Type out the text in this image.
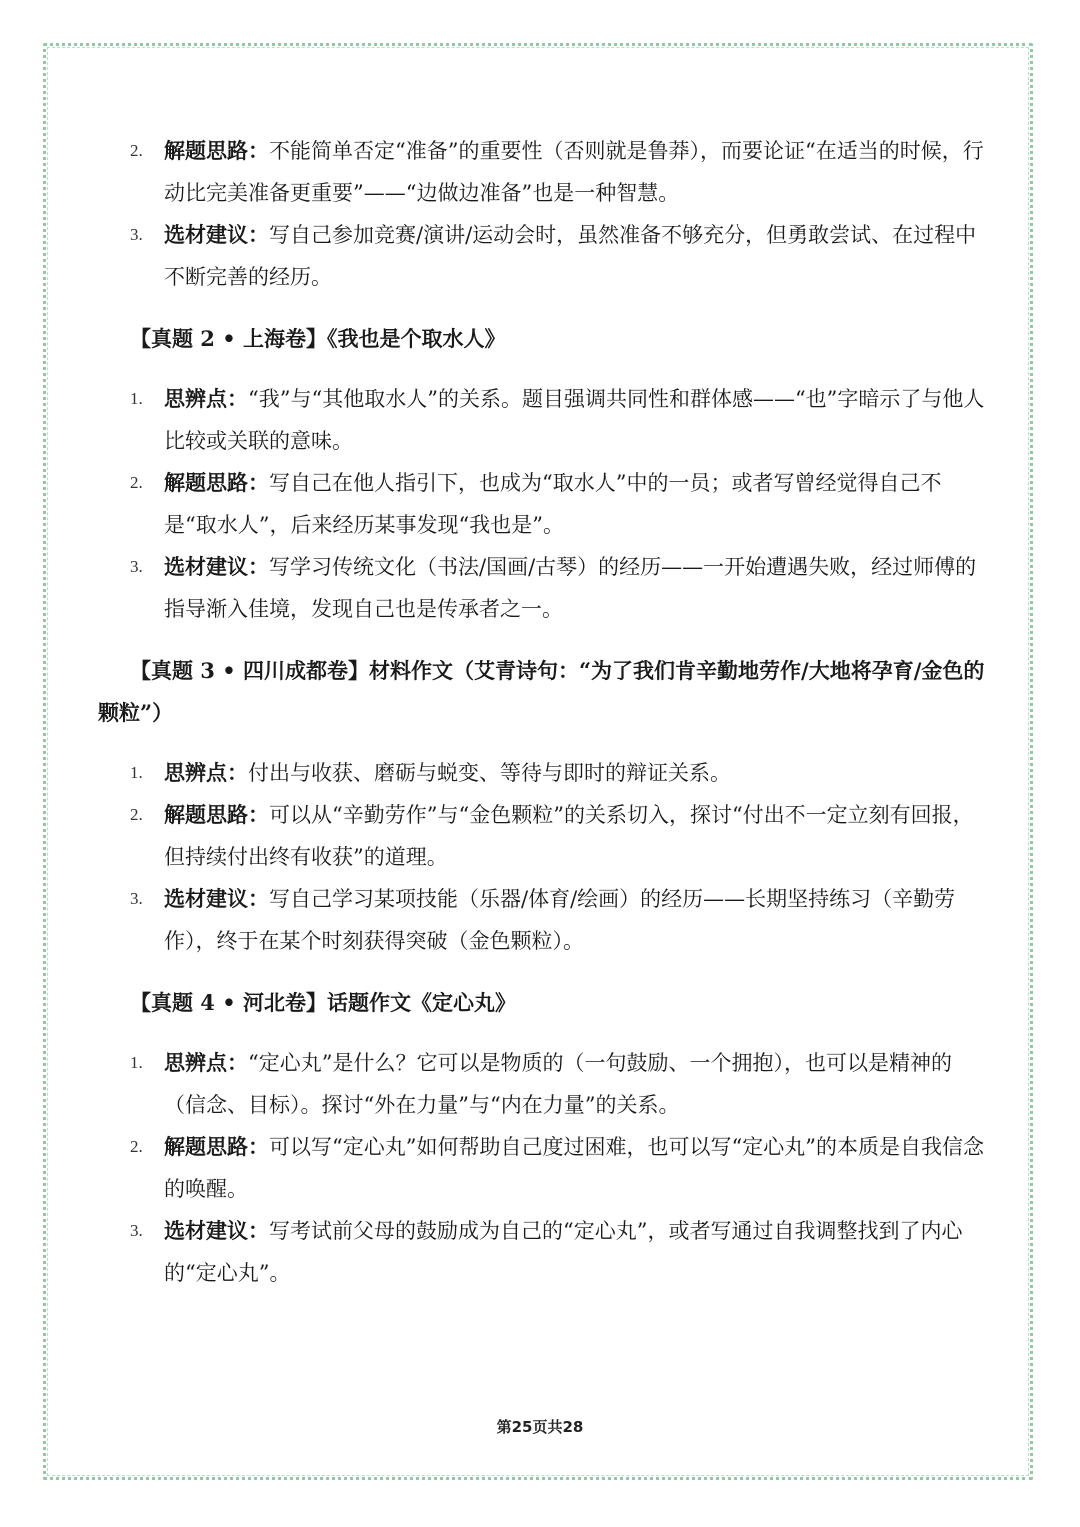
2. 解题思路：不能简单否定“准备”的重要性（否则就是鲁莽），而要论证“在适当的时候，行动比完美准备更重要”——“边做边准备”也是一种智慧。
3. 选材建议：写自己参加竞赛/演讲/运动会时，虽然准备不够充分，但勇敢尝试、在过程中不断完善的经历。
【真题 2 • 上海卷】《我也是个取水人》
1. 思辨点：“我”与“其他取水人”的关系。题目强调共同性和群体感——“也”字暗示了与他人比较或关联的意味。
2. 解题思路：写自己在他人指引下，也成为“取水人”中的一员；或者写曾经觉得自己不是“取水人”，后来经历某事发现“我也是”。
3. 选材建议：写学习传统文化（书法/国画/古琴）的经历——一开始遭遇失败，经过师傅的指导渐入佳境，发现自己也是传承者之一。
【真题 3 • 四川成都卷】材料作文（艾青诗句：“为了我们肯辛勤地劳作/大地将孕育/金色的颗粒”）
1. 思辨点：付出与收获、磨砺与蜕变、等待与即时的辩证关系。
2. 解题思路：可以从“辛勤劳作”与“金色颗粒”的关系切入，探讨“付出不一定立刻有回报，但持续付出终有收获”的道理。
3. 选材建议：写自己学习某项技能（乐器/体育/绘画）的经历——长期坚持练习（辛勤劳作），终于在某个时刻获得突破（金色颗粒）。
【真题 4 • 河北卷】话题作文《定心丸》
1. 思辨点：“定心丸”是什么？它可以是物质的（一句鼓励、一个拥抱），也可以是精神的（信念、目标）。探讨“外在力量”与“内在力量”的关系。
2. 解题思路：可以写“定心丸”如何帮助自己度过困难，也可以写“定心丸”的本质是自我信念的唤醒。
3. 选材建议：写考试前父母的鼓励成为自己的“定心丸”，或者写通过自我调整找到了内心的“定心丸”。
第25页共28
